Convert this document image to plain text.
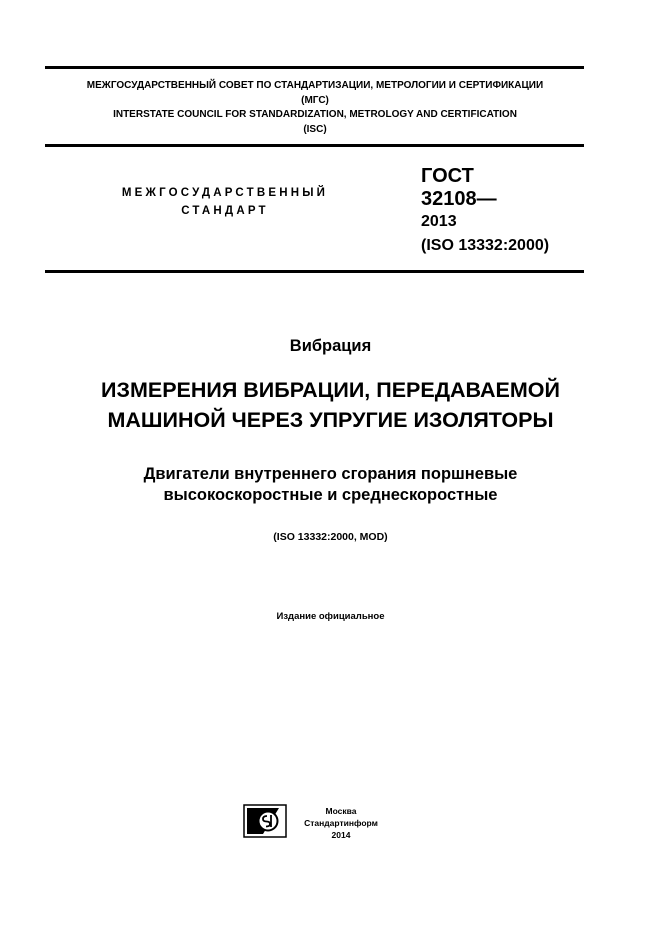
МЕЖГОСУДАРСТВЕННЫЙ СОВЕТ ПО СТАНДАРТИЗАЦИИ, МЕТРОЛОГИИ И СЕРТИФИКАЦИИ
(МГС)
INTERSTATE COUNCIL FOR STANDARDIZATION, METROLOGY AND CERTIFICATION
(ISC)
МЕЖГОСУДАРСТВЕННЫЙ
СТАНДАРТ
ГОСТ
32108—
2013
(ISO 13332:2000)
Вибрация
ИЗМЕРЕНИЯ ВИБРАЦИИ, ПЕРЕДАВАЕМОЙ
МАШИНОЙ ЧЕРЕЗ УПРУГИЕ ИЗОЛЯТОРЫ
Двигатели внутреннего сгорания поршневые
высокоскоростные и среднескоростные
(ISO 13332:2000, MOD)
Издание официальное
Москва
Стандартинформ
2014
